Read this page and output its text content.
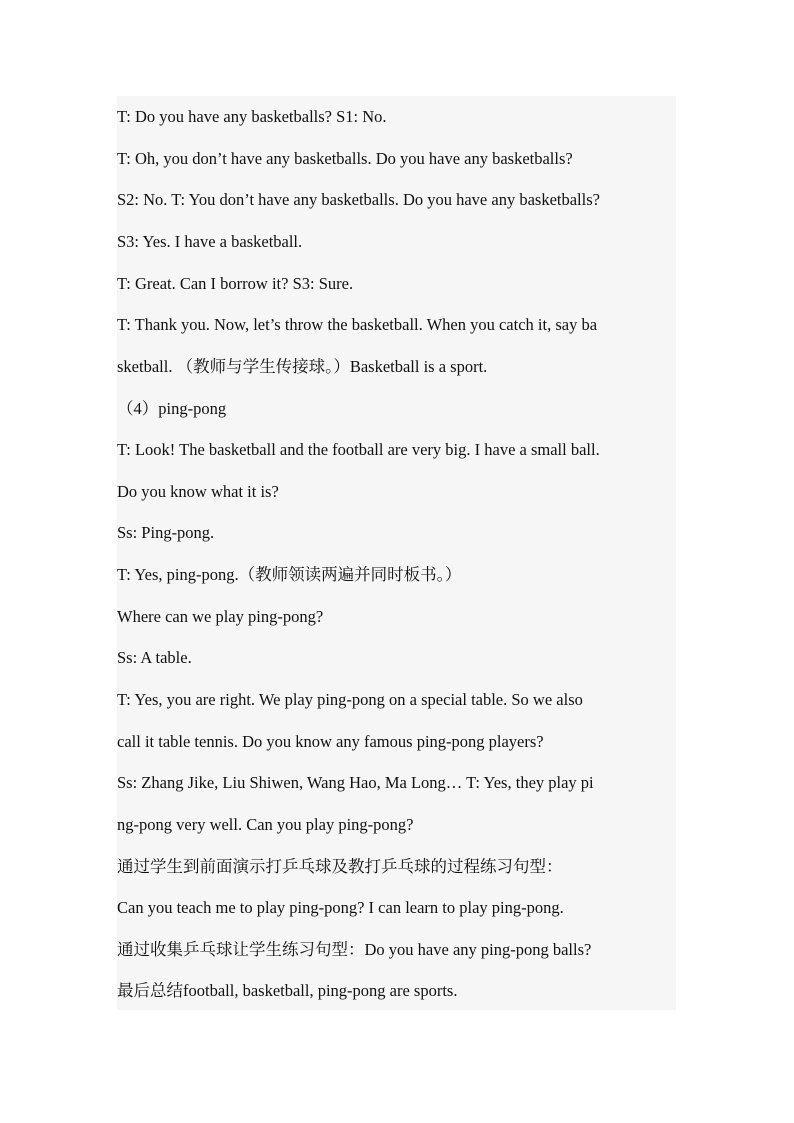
T: Do you have any basketballs? S1: No.
T: Oh, you don’t have any basketballs. Do you have any basketballs?
S2: No. T: You don’t have any basketballs. Do you have any basketballs?
S3: Yes. I have a basketball.
T: Great. Can I borrow it? S3: Sure.
T: Thank you. Now, let’s throw the basketball. When you catch it, say ba
sketball. （教师与学生传接球。）Basketball is a sport.
（4）ping-pong
T: Look! The basketball and the football are very big. I have a small ball.
Do you know what it is?
Ss: Ping-pong.
T: Yes, ping-pong.（教师领读两遍并同时板书。）
Where can we play ping-pong?
Ss: A table.
T: Yes, you are right. We play ping-pong on a special table. So we also
call it table tennis. Do you know any famous ping-pong players?
Ss: Zhang Jike, Liu Shiwen, Wang Hao, Ma Long… T: Yes, they play pi
ng-pong very well. Can you play ping-pong?
通过学生到前面演示打乒乓球及教打乒乓球的过程练习句型：
Can you teach me to play ping-pong? I can learn to play ping-pong.
通过收集乒乓球让学生练习句型：Do you have any ping-pong balls?
最后总结football, basketball, ping-pong are sports.
